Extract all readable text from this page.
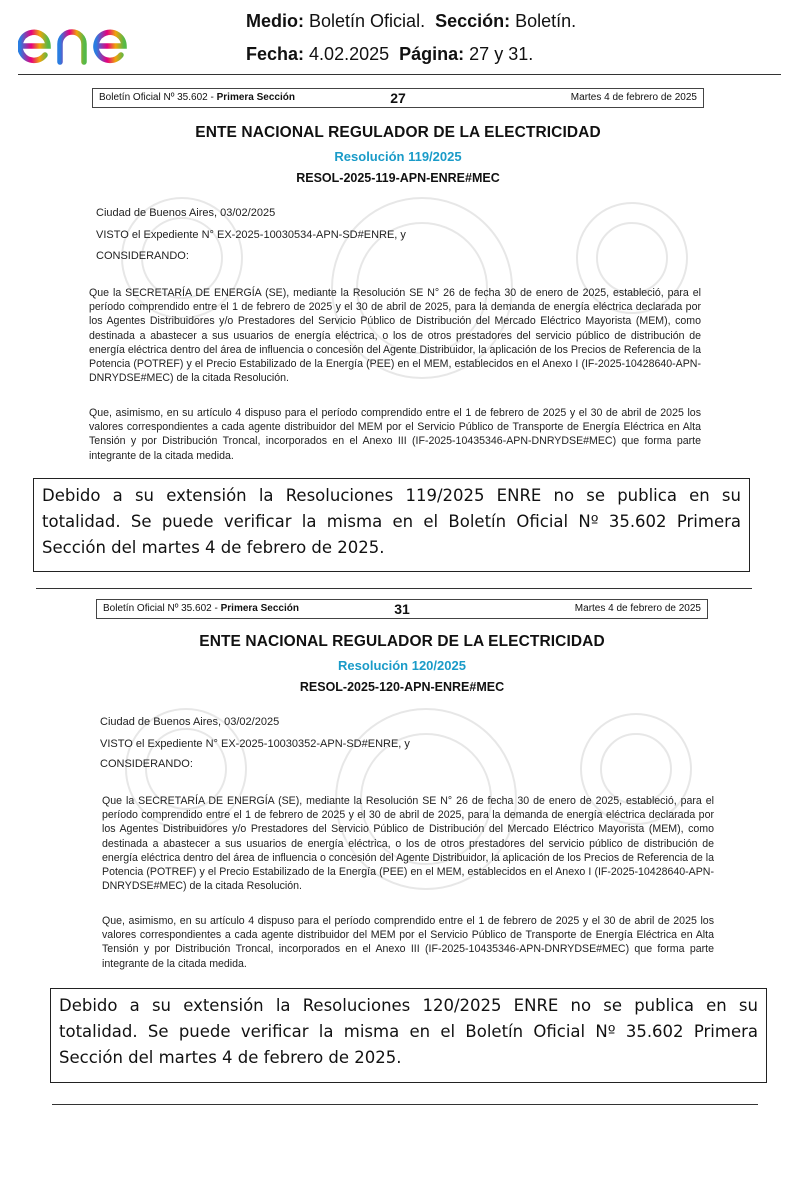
Medio: Boletín Oficial. Sección: Boletín.
Fecha: 4.02.2025 Página: 27 y 31.
Boletín Oficial Nº 35.602 - Primera Sección	27	Martes 4 de febrero de 2025
ENTE NACIONAL REGULADOR DE LA ELECTRICIDAD
Resolución 119/2025
RESOL-2025-119-APN-ENRE#MEC
Ciudad de Buenos Aires, 03/02/2025
VISTO el Expediente N° EX-2025-10030534-APN-SD#ENRE, y
CONSIDERANDO:
Que la SECRETARÍA DE ENERGÍA (SE), mediante la Resolución SE N° 26 de fecha 30 de enero de 2025, estableció, para el período comprendido entre el 1 de febrero de 2025 y el 30 de abril de 2025, para la demanda de energía eléctrica declarada por los Agentes Distribuidores y/o Prestadores del Servicio Público de Distribución del Mercado Eléctrico Mayorista (MEM), como destinada a abastecer a sus usuarios de energía eléctrica, o los de otros prestadores del servicio público de distribución de energía eléctrica dentro del área de influencia o concesión del Agente Distribuidor, la aplicación de los Precios de Referencia de la Potencia (POTREF) y el Precio Estabilizado de la Energía (PEE) en el MEM, establecidos en el Anexo I (IF-2025-10428640-APN-DNRYDSE#MEC) de la citada Resolución.
Que, asimismo, en su artículo 4 dispuso para el período comprendido entre el 1 de febrero de 2025 y el 30 de abril de 2025 los valores correspondientes a cada agente distribuidor del MEM por el Servicio Público de Transporte de Energía Eléctrica en Alta Tensión y por Distribución Troncal, incorporados en el Anexo III (IF-2025-10435346-APN-DNRYDSE#MEC) que forma parte integrante de la citada medida.
Debido a su extensión la Resoluciones 119/2025 ENRE no se publica en su totalidad. Se puede verificar la misma en el Boletín Oficial Nº 35.602 Primera Sección del martes 4 de febrero de 2025.
Boletín Oficial Nº 35.602 - Primera Sección	31	Martes 4 de febrero de 2025
ENTE NACIONAL REGULADOR DE LA ELECTRICIDAD
Resolución 120/2025
RESOL-2025-120-APN-ENRE#MEC
Ciudad de Buenos Aires, 03/02/2025
VISTO el Expediente N° EX-2025-10030352-APN-SD#ENRE, y
CONSIDERANDO:
Que la SECRETARÍA DE ENERGÍA (SE), mediante la Resolución SE N° 26 de fecha 30 de enero de 2025, estableció, para el período comprendido entre el 1 de febrero de 2025 y el 30 de abril de 2025, para la demanda de energía eléctrica declarada por los Agentes Distribuidores y/o Prestadores del Servicio Público de Distribución del Mercado Eléctrico Mayorista (MEM), como destinada a abastecer a sus usuarios de energía eléctrica, o los de otros prestadores del servicio público de distribución de energía eléctrica dentro del área de influencia o concesión del Agente Distribuidor, la aplicación de los Precios de Referencia de la Potencia (POTREF) y el Precio Estabilizado de la Energía (PEE) en el MEM, establecidos en el Anexo I (IF-2025-10428640-APN-DNRYDSE#MEC) de la citada Resolución.
Que, asimismo, en su artículo 4 dispuso para el período comprendido entre el 1 de febrero de 2025 y el 30 de abril de 2025 los valores correspondientes a cada agente distribuidor del MEM por el Servicio Público de Transporte de Energía Eléctrica en Alta Tensión y por Distribución Troncal, incorporados en el Anexo III (IF-2025-10435346-APN-DNRYDSE#MEC) que forma parte integrante de la citada medida.
Debido a su extensión la Resoluciones 120/2025 ENRE no se publica en su totalidad. Se puede verificar la misma en el Boletín Oficial Nº 35.602 Primera Sección del martes 4 de febrero de 2025.
